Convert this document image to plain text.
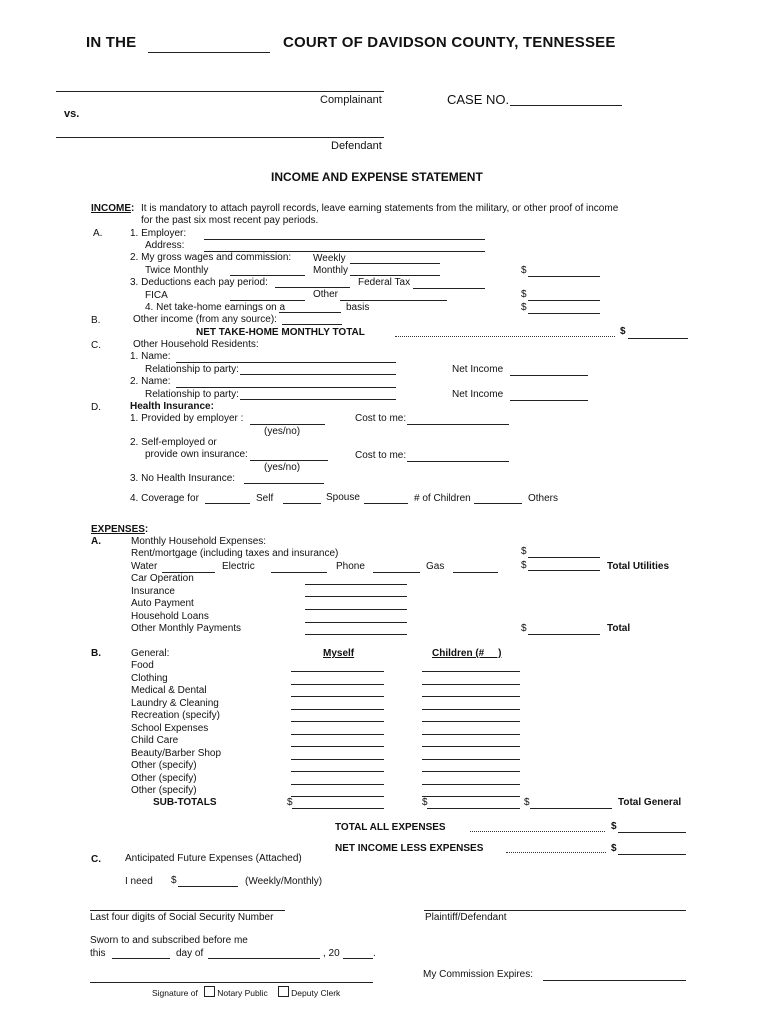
IN THE	COURT OF DAVIDSON COUNTY, TENNESSEE
Complainant	CASE NO.
vs.
Defendant
INCOME AND EXPENSE STATEMENT
INCOME: It is mandatory to attach payroll records, leave earning statements from the military, or other proof of income
for the past six most recent pay periods.
A.	1. Employer:
Address:
2. My gross wages and commission: Weekly
Twice Monthly	Monthly	$
3. Deductions each pay period:	Federal Tax
FICA	Other	$
4. Net take-home earnings on a	basis	$
B.	Other income (from any source):
NET TAKE-HOME MONTHLY TOTAL	$
C.	Other Household Residents:
1. Name:
Relationship to party:	Net Income
2. Name:
Relationship to party:	Net Income
D.	Health Insurance:
1. Provided by employer :	Cost to me:
(yes/no)
2. Self-employed or
provide own insurance:	Cost to me:
(yes/no)
3. No Health Insurance:
4. Coverage for	Self	Spouse	# of Children	Others
EXPENSES:
A.	Monthly Household Expenses:
Rent/mortgage (including taxes and insurance)	$
Water	Electric	Phone	Gas	$	Total Utilities
Car Operation
Insurance
Auto Payment
Household Loans
Other Monthly Payments	$	Total
B.	General:	Myself	Children (#     )
Food
Clothing
Medical & Dental
Laundry & Cleaning
Recreation (specify)
School Expenses
Child Care
Beauty/Barber Shop
Other (specify)
Other (specify)
Other (specify)
SUB-TOTALS	$	$	$	Total General
TOTAL ALL EXPENSES	$
NET INCOME LESS EXPENSES	$
C. Anticipated Future Expenses (Attached)
I need $	(Weekly/Monthly)
Last four digits of Social Security Number	Plaintiff/Defendant
Sworn to and subscribed before me
this	day of	, 20	.
My Commission Expires:
Signature of Notary Public	Deputy Clerk
